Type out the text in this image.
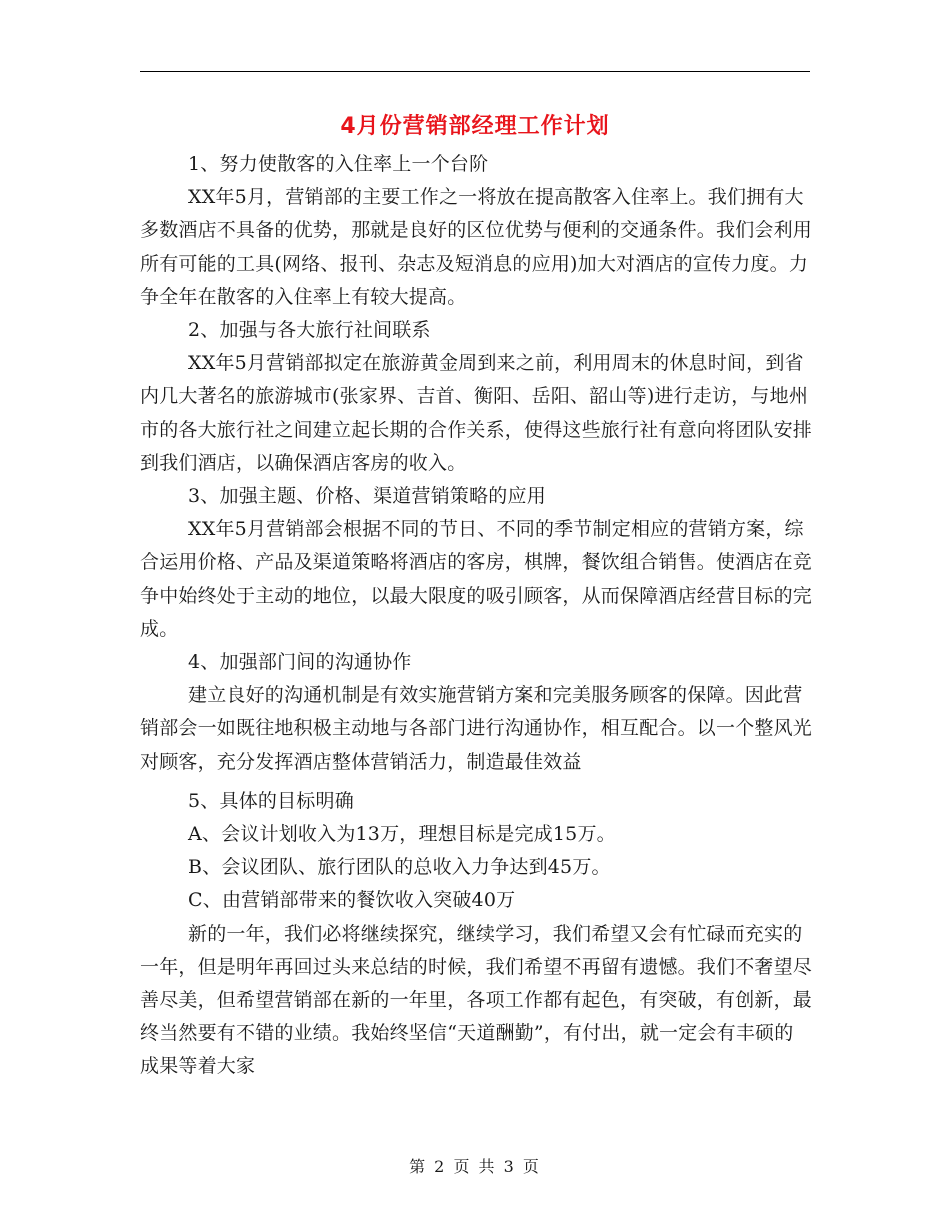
4月份营销部经理工作计划

1、努力使散客的入住率上一个台阶

XX年5月，营销部的主要工作之一将放在提高散客入住率上。我们拥有大多数酒店不具备的优势，那就是良好的区位优势与便利的交通条件。我们会利用所有可能的工具(网络、报刊、杂志及短消息的应用)加大对酒店的宣传力度。力争全年在散客的入住率上有较大提高。

2、加强与各大旅行社间联系

XX年5月营销部拟定在旅游黄金周到来之前，利用周末的休息时间，到省内几大著名的旅游城市(张家界、吉首、衡阳、岳阳、韶山等)进行走访，与地州市的各大旅行社之间建立起长期的合作关系，使得这些旅行社有意向将团队安排到我们酒店，以确保酒店客房的收入。

3、加强主题、价格、渠道营销策略的应用

XX年5月营销部会根据不同的节日、不同的季节制定相应的营销方案，综合运用价格、产品及渠道策略将酒店的客房，棋牌，餐饮组合销售。使酒店在竞争中始终处于主动的地位，以最大限度的吸引顾客，从而保障酒店经营目标的完成。

4、加强部门间的沟通协作

建立良好的沟通机制是有效实施营销方案和完美服务顾客的保障。因此营销部会一如既往地积极主动地与各部门进行沟通协作，相互配合。以一个整风光对顾客，充分发挥酒店整体营销活力，制造最佳效益

5、具体的目标明确

A、会议计划收入为13万，理想目标是完成15万。

B、会议团队、旅行团队的总收入力争达到45万。

C、由营销部带来的餐饮收入突破40万

新的一年，我们必将继续探究，继续学习，我们希望又会有忙碌而充实的一年，但是明年再回过头来总结的时候，我们希望不再留有遗憾。我们不奢望尽善尽美，但希望营销部在新的一年里，各项工作都有起色，有突破，有创新，最终当然要有不错的业绩。我始终坚信“天道酬勤”，有付出，就一定会有丰硕的成果等着大家

第 2 页 共 3 页
